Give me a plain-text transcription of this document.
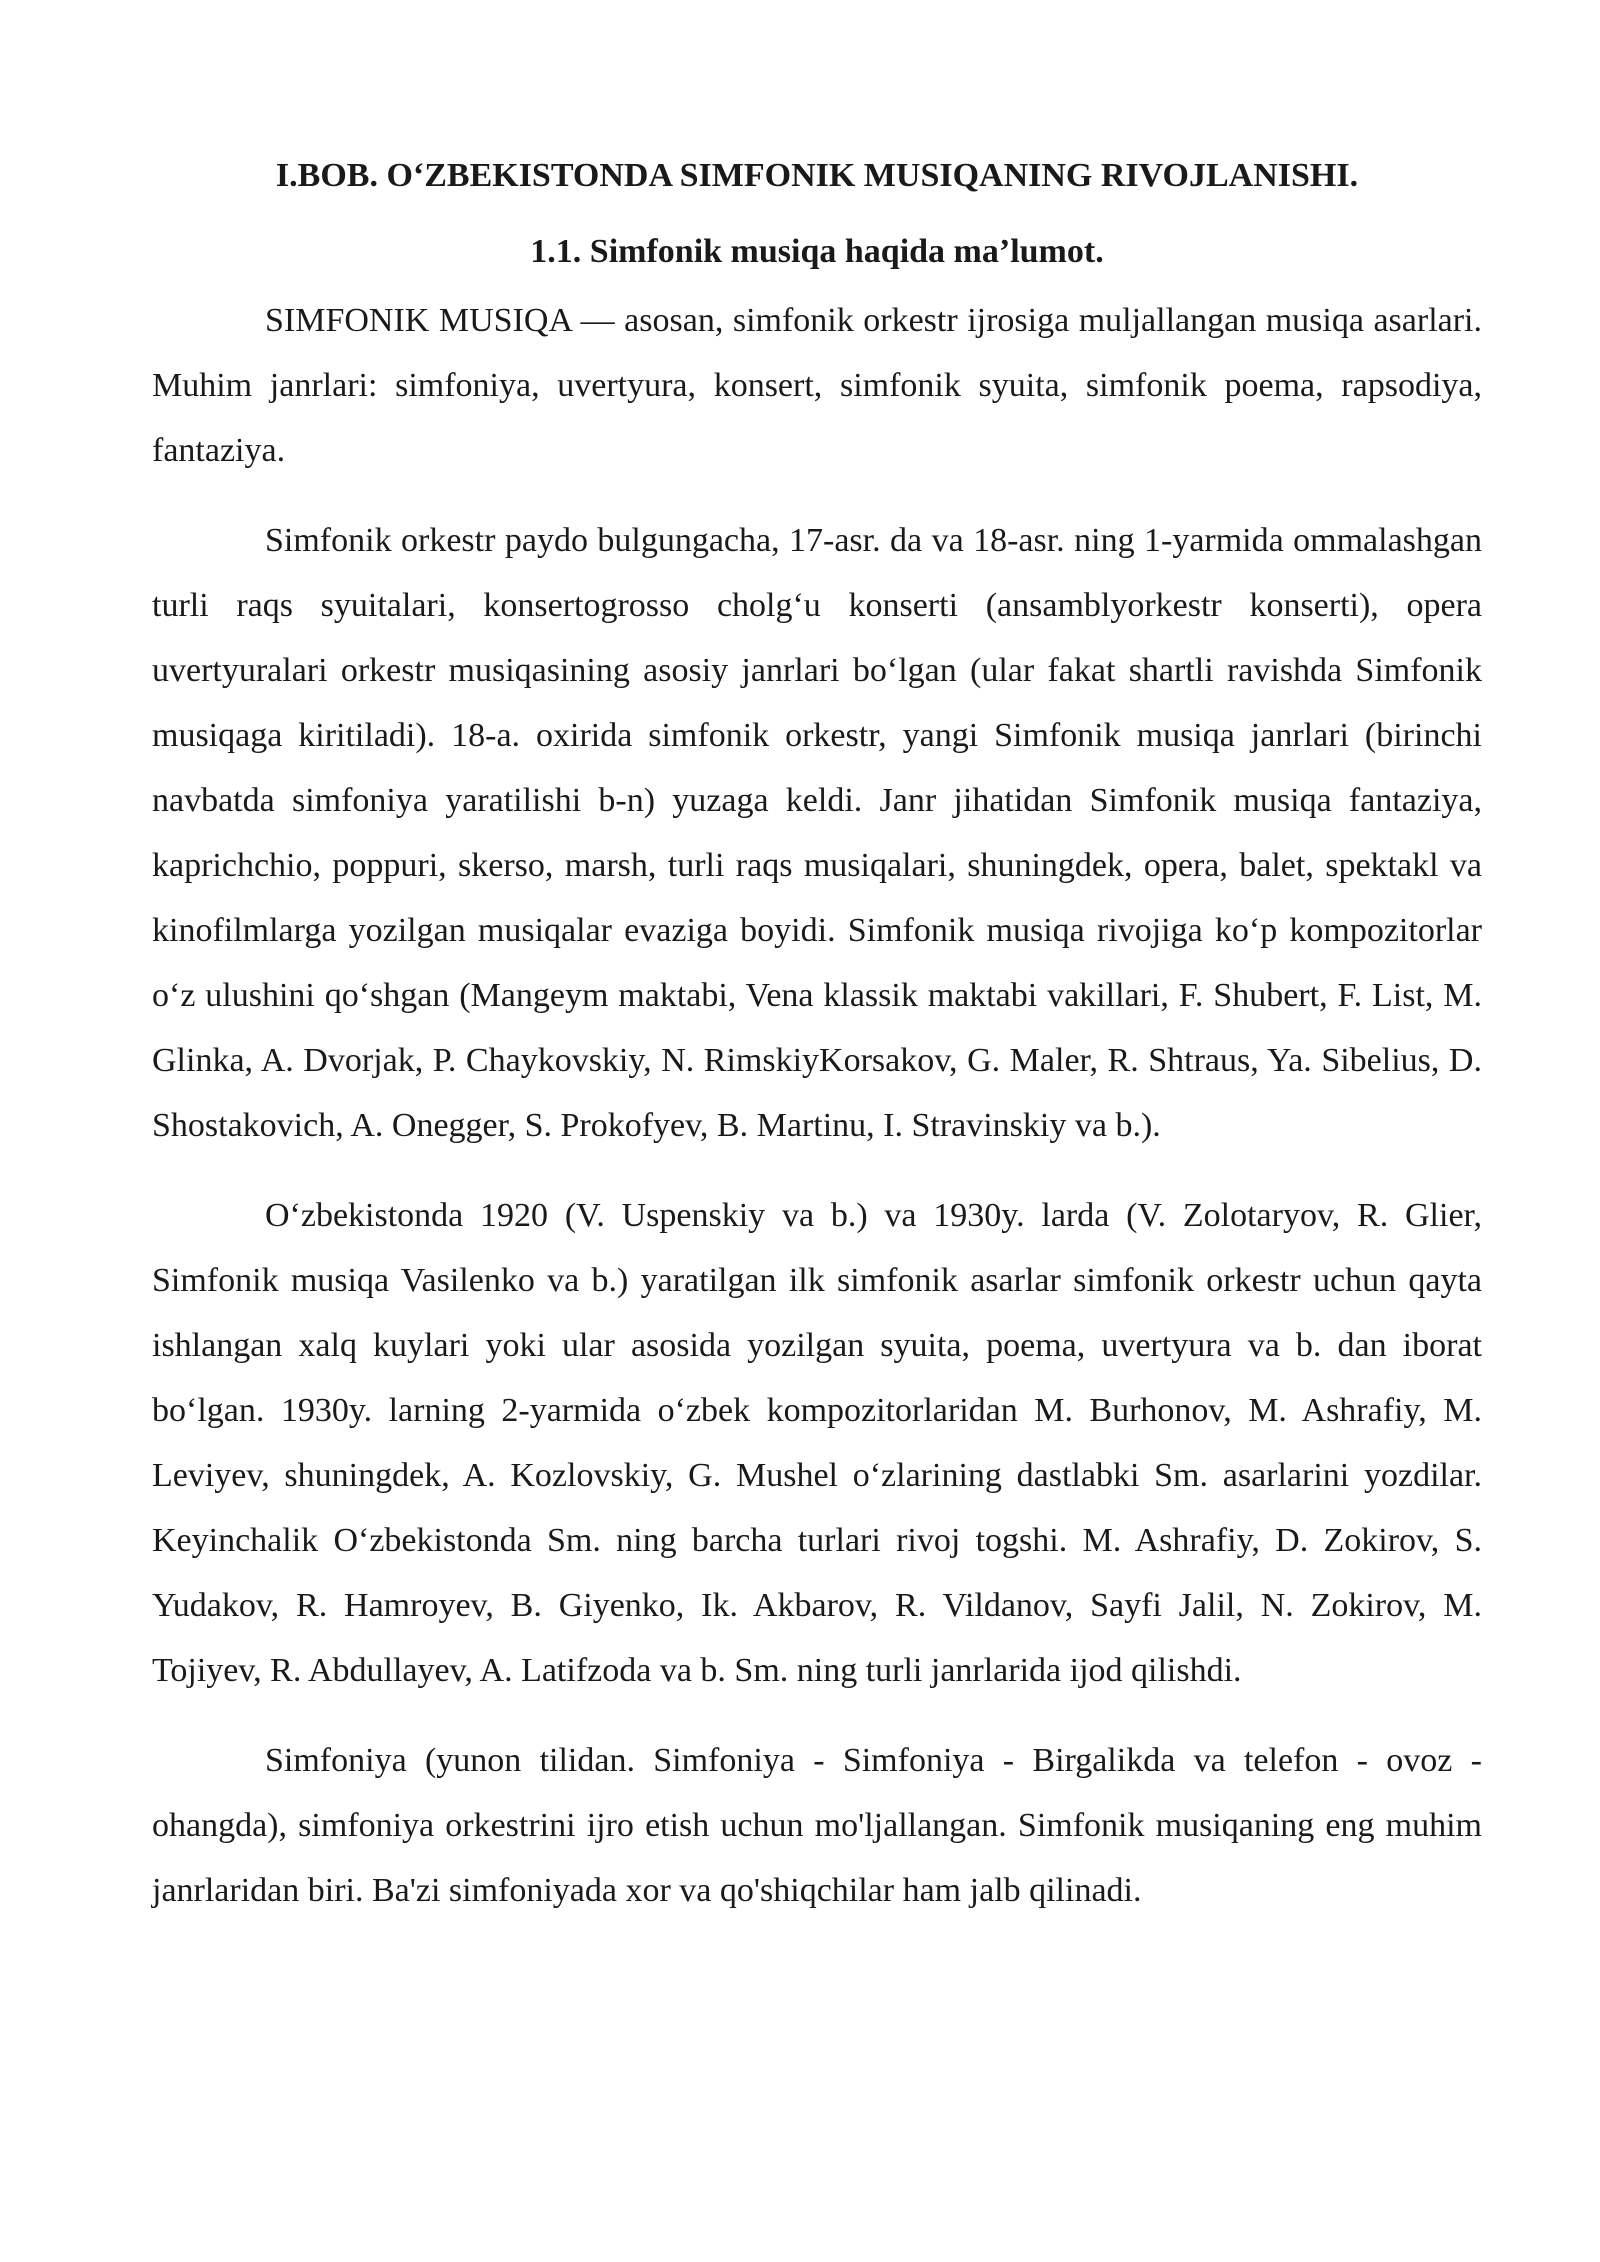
I.BOB. O‘ZBEKISTONDA SIMFONIK MUSIQANING RIVOJLANISHI.
1.1. Simfonik musiqa haqida ma’lumot.

SIMFONIK MUSIQA — asosan, simfonik orkestr ijrosiga muljallangan musiqa asarlari. Muhim janrlari: simfoniya, uvertyura, konsert, simfonik syuita, simfonik poema, rapsodiya, fantaziya.

Simfonik orkestr paydo bulgungacha, 17-asr. da va 18-asr. ning 1-yarmida ommalashgan turli raqs syuitalari, konsertogrosso cholg‘u konserti (ansamblyorkestr konserti), opera uvertyuralari orkestr musiqasining asosiy janrlari bo‘lgan (ular fakat shartli ravishda Simfonik musiqaga kiritiladi). 18-a. oxirida simfonik orkestr, yangi Simfonik musiqa janrlari (birinchi navbatda simfoniya yaratilishi b-n) yuzaga keldi. Janr jihatidan Simfonik musiqa fantaziya, kaprichchio, poppuri, skerso, marsh, turli raqs musiqalari, shuningdek, opera, balet, spektakl va kinofilmlarga yozilgan musiqalar evaziga boyidi. Simfonik musiqa rivojiga ko‘p kompozitorlar o‘z ulushini qo‘shgan (Mangeym maktabi, Vena klassik maktabi vakillari, F. Shubert, F. List, M. Glinka, A. Dvorjak, P. Chaykovskiy, N. RimskiyKorsakov, G. Maler, R. Shtraus, Ya. Sibelius, D. Shostakovich, A. Onegger, S. Prokofyev, B. Martinu, I. Stravinskiy va b.).

O‘zbekistonda 1920 (V. Uspenskiy va b.) va 1930y. larda (V. Zolotaryov, R. Glier, Simfonik musiqa Vasilenko va b.) yaratilgan ilk simfonik asarlar simfonik orkestr uchun qayta ishlangan xalq kuylari yoki ular asosida yozilgan syuita, poema, uvertyura va b. dan iborat bo‘lgan. 1930y. larning 2-yarmida o‘zbek kompozitorlaridan M. Burhonov, M. Ashrafiy, M. Leviyev, shuningdek, A. Kozlovskiy, G. Mushel o‘zlarining dastlabki Sm. asarlarini yozdilar. Keyinchalik O‘zbekistonda Sm. ning barcha turlari rivoj togshi. M. Ashrafiy, D. Zokirov, S. Yudakov, R. Hamroyev, B. Giyenko, Ik. Akbarov, R. Vildanov, Sayfi Jalil, N. Zokirov, M. Tojiyev, R. Abdullayev, A. Latifzoda va b. Sm. ning turli janrlarida ijod qilishdi.

Simfoniya (yunon tilidan. Simfoniya - Simfoniya - Birgalikda va telefon - ovoz - ohangda), simfoniya orkestrini ijro etish uchun mo'ljallangan. Simfonik musiqaning eng muhim janrlaridan biri. Ba'zi simfoniyada xor va qo'shiqchilar ham jalb qilinadi.
